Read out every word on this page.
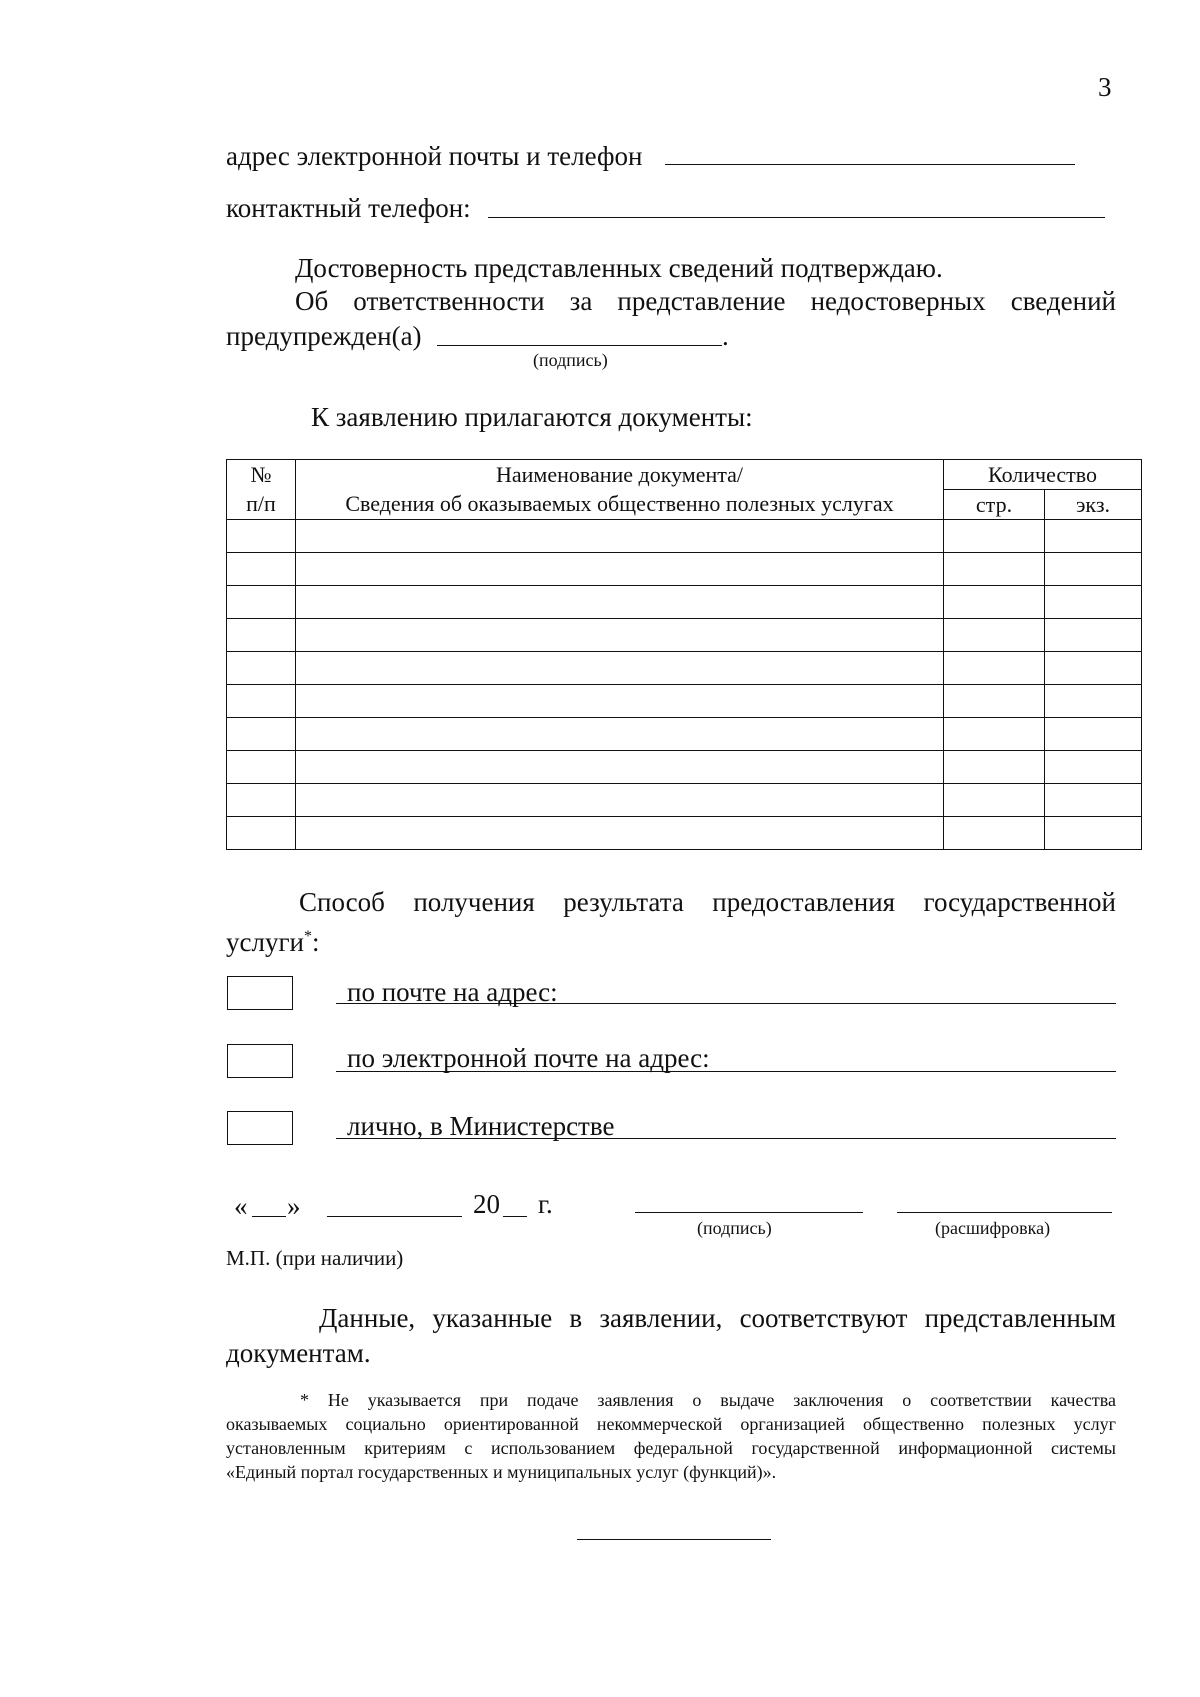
3
адрес электронной почты и телефон
контактный телефон:
Достоверность представленных сведений подтверждаю.
Об ответственности за представление недостоверных сведений
предупрежден(а)	.
(подпись)
К заявлению прилагаются документы:
№	Наименование документа/	Количество	
п/п	Сведения об оказываемых общественно полезных услугах	стр.	экз.

Способ получения результата предоставления государственной
услуги*:
по почте на адрес:
по электронной почте на адрес:
лично, в Министерстве
« »	20 г.
(подпись)	(расшифровка)
М.П. (при наличии)
Данные, указанные в заявлении, соответствуют представленным
документам.
* Не указывается при подаче заявления о выдаче заключения о соответствии качества
оказываемых социально ориентированной некоммерческой организацией общественно полезных услуг
установленным критериям с использованием федеральной государственной информационной системы
«Единый портал государственных и муниципальных услуг (функций)».
